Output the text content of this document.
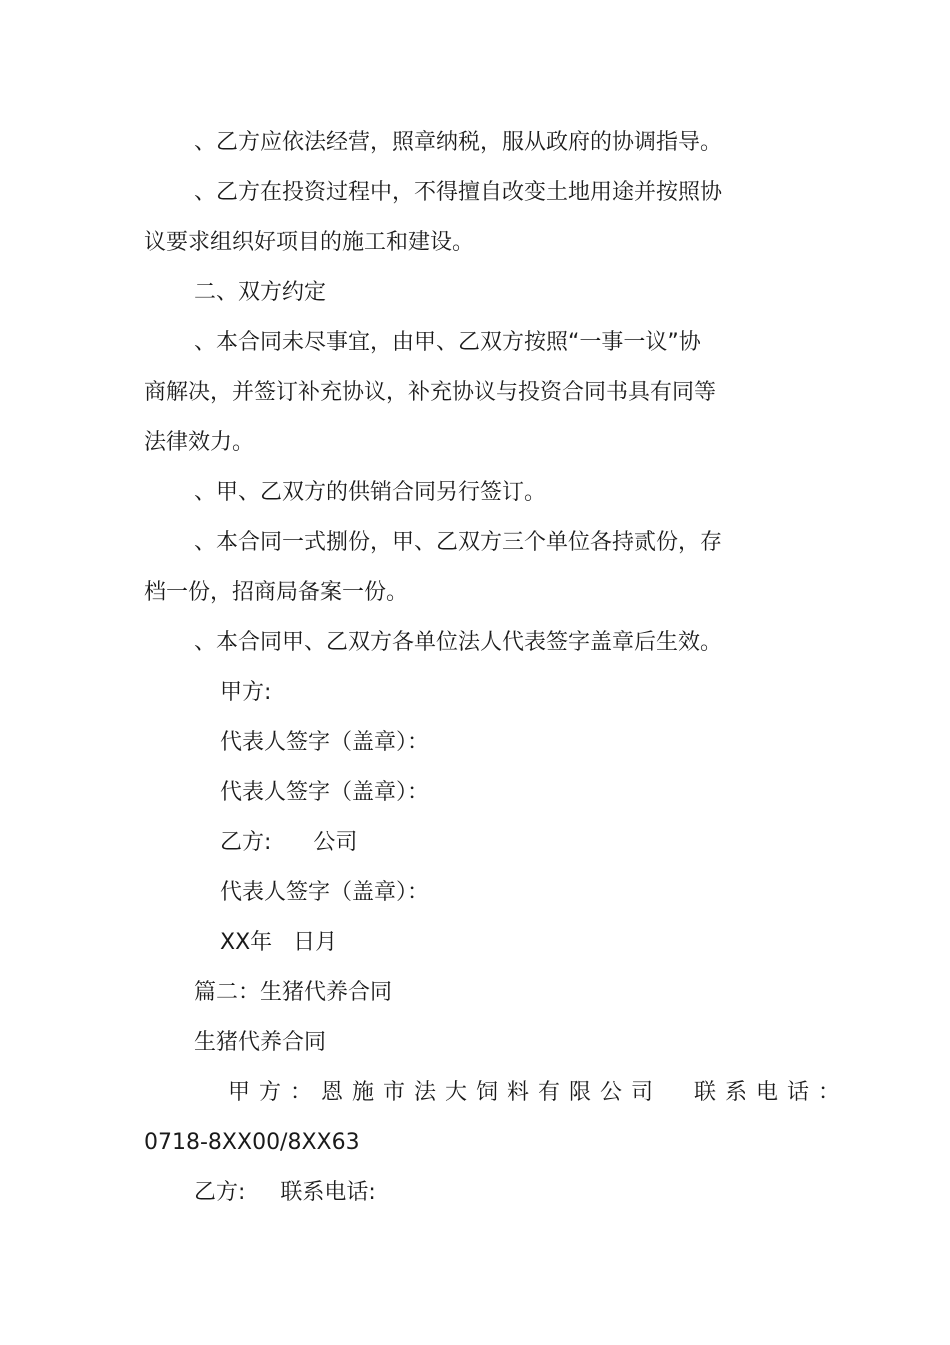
、乙方应依法经营，照章纳税，服从政府的协调指导。

、乙方在投资过程中，不得擅自改变土地用途并按照协

议要求组织好项目的施工和建设。

二、双方约定

、本合同未尽事宜，由甲、乙双方按照“一事一议”协

商解决，并签订补充协议，补充协议与投资合同书具有同等

法律效力。

、甲、乙双方的供销合同另行签订。

、本合同一式捌份，甲、乙双方三个单位各持贰份，存

档一份，招商局备案一份。

、本合同甲、乙双方各单位法人代表签字盖章后生效。

甲方:

代表人签字（盖章）：

代表人签字（盖章）：

乙方:      公司

代表人签字（盖章）：

XX年   日月

篇二：生猪代养合同

生猪代养合同

甲方：恩施市法大饲料有限公司  联系电话：

0718-8XX00/8XX63

乙方:     联系电话:
